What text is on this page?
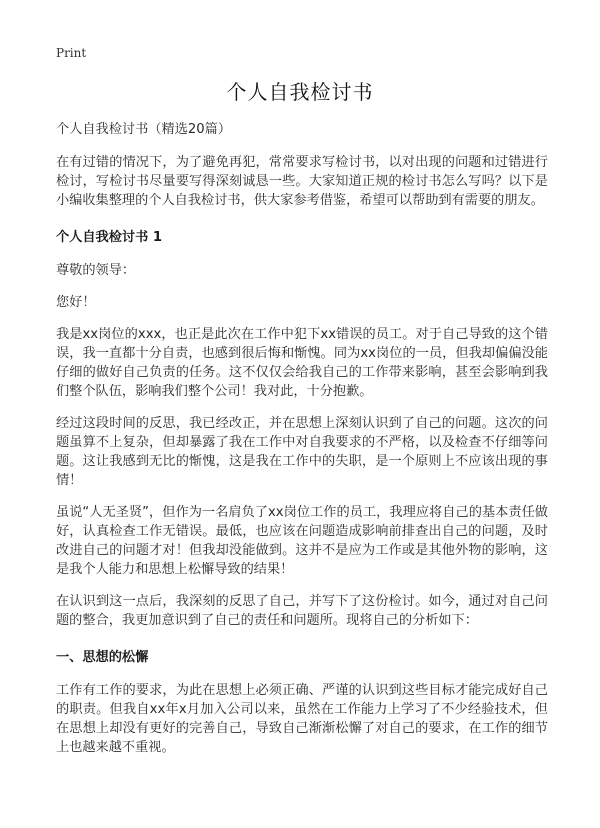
Print
个人自我检讨书

个人自我检讨书（精选20篇）

在有过错的情况下，为了避免再犯，常常要求写检讨书，以对出现的问题和过错进行检讨，写检讨书尽量要写得深刻诚恳一些。大家知道正规的检讨书怎么写吗？以下是小编收集整理的个人自我检讨书，供大家参考借鉴，希望可以帮助到有需要的朋友。

个人自我检讨书 1

尊敬的领导：

您好！

我是xx岗位的xxx，也正是此次在工作中犯下xx错误的员工。对于自己导致的这个错误，我一直都十分自责，也感到很后悔和惭愧。同为xx岗位的一员，但我却偏偏没能仔细的做好自己负责的任务。这不仅仅会给我自己的工作带来影响，甚至会影响到我们整个队伍，影响我们整个公司！我对此，十分抱歉。

经过这段时间的反思，我已经改正，并在思想上深刻认识到了自己的问题。这次的问题虽算不上复杂，但却暴露了我在工作中对自我要求的不严格，以及检查不仔细等问题。这让我感到无比的惭愧，这是我在工作中的失职，是一个原则上不应该出现的事情！

虽说“人无圣贤”，但作为一名肩负了xx岗位工作的员工，我理应将自己的基本责任做好，认真检查工作无错误。最低，也应该在问题造成影响前排查出自己的问题，及时改进自己的问题才对！但我却没能做到。这并不是应为工作或是其他外物的影响，这是我个人能力和思想上松懈导致的结果！

在认识到这一点后，我深刻的反思了自己，并写下了这份检讨。如今，通过对自己问题的整合，我更加意识到了自己的责任和问题所。现将自己的分析如下：

一、思想的松懈

工作有工作的要求，为此在思想上必须正确、严谨的认识到这些目标才能完成好自己的职责。但我自xx年x月加入公司以来，虽然在工作能力上学习了不少经验技术，但在思想上却没有更好的完善自己，导致自己渐渐松懈了对自己的要求，在工作的细节上也越来越不重视。
